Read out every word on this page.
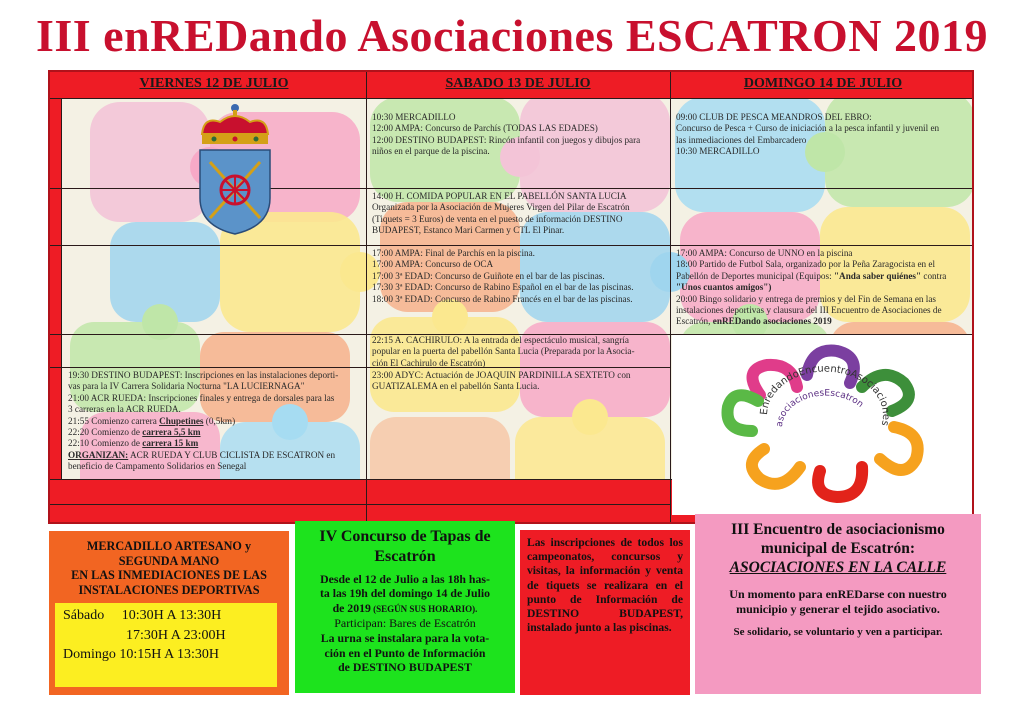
III enREDando Asociaciones ESCATRON 2019
VIERNES 12 DE JULIO	SABADO 13 DE JULIO	DOMINGO 14 DE JULIO
10:30 MERCADILLO
12:00 AMPA: Concurso de Parchís (TODAS LAS EDADES)
12:00 DESTINO BUDAPEST: Rincón infantil con juegos y dibujos para
niños en el parque de la piscina.
14:00 H. COMIDA POPULAR EN EL PABELLÓN SANTA LUCIA
Organizada por la Asociación de Mujeres Virgen del Pilar de Escatrón
(Tiquets = 3 Euros) de venta en el puesto de información DESTINO
BUDAPEST, Estanco Mari Carmen y CTL El Pinar.
17:00 AMPA: Final de Parchís en la piscina.
17:00 AMPA: Concurso de OCA
17:00 3ª EDAD: Concurso de Guiñote en el bar de las piscinas.
17:30 3ª EDAD: Concurso de Rabino Español en el bar de las piscinas.
18:00 3ª EDAD: Concurso de Rabino Francés en el bar de las piscinas.
22:15 A. CACHIRULO: A la entrada del espectáculo musical, sangría
popular en la puerta del pabellón Santa Lucia (Preparada por la Asocia-
ción El Cachirulo de Escatrón)
23:00 ADYC: Actuación de JOAQUIN PARDINILLA SEXTETO con
GUATIZALEMA en el pabellón Santa Lucia.
09:00 CLUB DE PESCA MEANDROS DEL EBRO:
Concurso de Pesca + Curso de iniciación a la pesca infantil y juvenil en
las inmediaciones del Embarcadero
10:30 MERCADILLO
17:00 AMPA: Concurso de UNNO en la piscina
18:00 Partido de Futbol Sala, organizado por la Peña Zaragocista en el
Pabellón de Deportes municipal (Equipos: "Anda saber quiénes" contra
"Unos cuantos amigos")
20:00 Bingo solidario y entrega de premios y del Fin de Semana en las
instalaciones deportivas y clausura del III Encuentro de Asociaciones de
Escatrón, enREDando asociaciones 2019
19:30 DESTINO BUDAPEST: Inscripciones en las instalaciones deporti-
vas para la IV Carrera Solidaria Nocturna "LA LUCIERNAGA"
21:00 ACR RUEDA: Inscripciones finales y entrega de dorsales para las
3 carreras en la ACR RUEDA.
21:55 Comienzo carrera Chupetines (0,5km)
22:20 Comienzo de carrera 5,5 km
22:10 Comienzo de carrera 15 km
ORGANIZAN: ACR RUEDA Y CLUB CICLISTA DE ESCATRON en
beneficio de Campamento Solidarios en Senegal
EnredandoEncuentroAsociaciones
asociacionesEscatron
MERCADILLO ARTESANO y
SEGUNDA MANO
EN LAS INMEDIACIONES DE LAS
INSTALACIONES DEPORTIVAS
Sábado     10:30H A 13:30H
17:30H A 23:00H
Domingo 10:15H A 13:30H
IV Concurso de Tapas de
Escatrón
Desde el 12 de Julio a las 18h has-
ta las 19h del domingo 14 de Julio
de 2019 (SEGÚN SUS HORARIO).
Participan: Bares de Escatrón
La urna se instalara para la vota-
ción en el Punto de Información
de DESTINO BUDAPEST
Las inscripciones de todos los campeonatos, concursos y visitas, la información y venta de tiquets se realizara en el punto de Información de DESTINO BUDAPEST, instalado junto a las piscinas.
III Encuentro de asociacionismo
municipal de Escatrón:
ASOCIACIONES EN LA CALLE
Un momento para enREDarse con nuestro
municipio y generar el tejido asociativo.
Se solidario, se voluntario y ven a participar.
